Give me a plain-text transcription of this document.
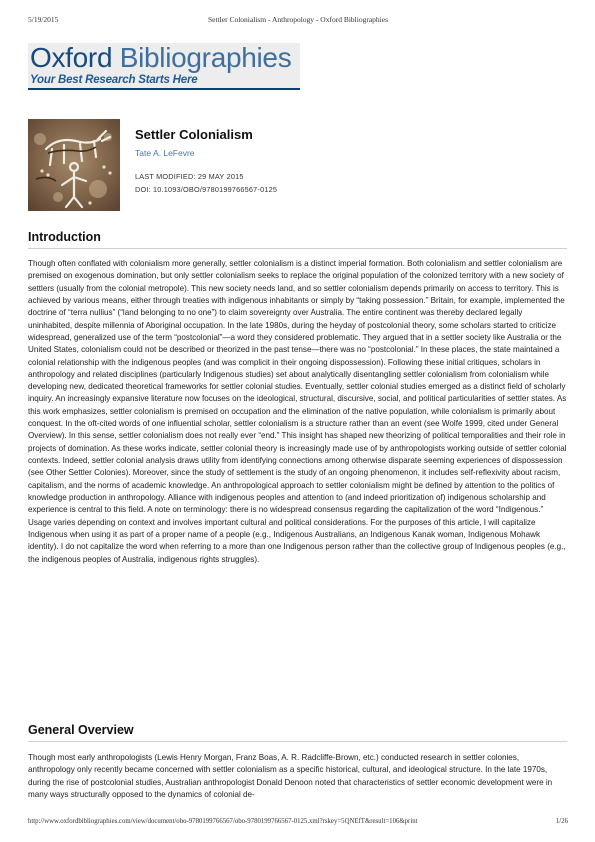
5/19/2015	Settler Colonialism - Anthropology - Oxford Bibliographies
Oxford Bibliographies
Your Best Research Starts Here
Settler Colonialism
Tate A. LeFevre
LAST MODIFIED: 29 MAY 2015
DOI: 10.1093/OBO/9780199766567-0125
Introduction

Though often conflated with colonialism more generally, settler colonialism is a distinct imperial formation. Both colonialism and settler colonialism are premised on exogenous domination, but only settler colonialism seeks to replace the original population of the colonized territory with a new society of settlers (usually from the colonial metropole). This new society needs land, and so settler colonialism depends primarily on access to territory. This is achieved by various means, either through treaties with indigenous inhabitants or simply by “taking possession.” Britain, for example, implemented the doctrine of “terra nullius” (“land belonging to no one”) to claim sovereignty over Australia. The entire continent was thereby declared legally uninhabited, despite millennia of Aboriginal occupation. In the late 1980s, during the heyday of postcolonial theory, some scholars started to criticize widespread, generalized use of the term “postcolonial”—a word they considered problematic. They argued that in a settler society like Australia or the United States, colonialism could not be described or theorized in the past tense—there was no “postcolonial.” In these places, the state maintained a colonial relationship with the indigenous peoples (and was complicit in their ongoing dispossession). Following these initial critiques, scholars in anthropology and related disciplines (particularly Indigenous studies) set about analytically disentangling settler colonialism from colonialism while developing new, dedicated theoretical frameworks for settler colonial studies. Eventually, settler colonial studies emerged as a distinct field of scholarly inquiry. An increasingly expansive literature now focuses on the ideological, structural, discursive, social, and political particularities of settler states. As this work emphasizes, settler colonialism is premised on occupation and the elimination of the native population, while colonialism is primarily about conquest. In the oft-cited words of one influential scholar, settler colonialism is a structure rather than an event (see Wolfe 1999, cited under General Overview). In this sense, settler colonialism does not really ever “end.” This insight has shaped new theorizing of political temporalities and their role in projects of domination. As these works indicate, settler colonial theory is increasingly made use of by anthropologists working outside of settler colonial contexts. Indeed, settler colonial analysis draws utility from identifying connections among otherwise disparate seeming experiences of dispossession (see Other Settler Colonies). Moreover, since the study of settlement is the study of an ongoing phenomenon, it includes self-reflexivity about racism, capitalism, and the norms of academic knowledge. An anthropological approach to settler colonialism might be defined by attention to the politics of knowledge production in anthropology. Alliance with indigenous peoples and attention to (and indeed prioritization of) indigenous scholarship and experience is central to this field. A note on terminology: there is no widespread consensus regarding the capitalization of the word “Indigenous.” Usage varies depending on context and involves important cultural and political considerations. For the purposes of this article, I will capitalize Indigenous when using it as part of a proper name of a people (e.g., Indigenous Australians, an Indigenous Kanak woman, Indigenous Mohawk identity). I do not capitalize the word when referring to a more than one Indigenous person rather than the collective group of Indigenous peoples (e.g., the indigenous peoples of Australia, indigenous rights struggles).

General Overview

Though most early anthropologists (Lewis Henry Morgan, Franz Boas, A. R. Radcliffe-Brown, etc.) conducted research in settler colonies, anthropology only recently became concerned with settler colonialism as a specific historical, cultural, and ideological structure. In the late 1970s, during the rise of postcolonial studies, Australian anthropologist Donald Denoon noted that characteristics of settler economic development were in many ways structurally opposed to the dynamics of colonial de-

http://www.oxfordbibliographies.com/view/document/obo-9780199766567/obo-9780199766567-0125.xml?rskey=5QNEfT&result=106&print	1/26
